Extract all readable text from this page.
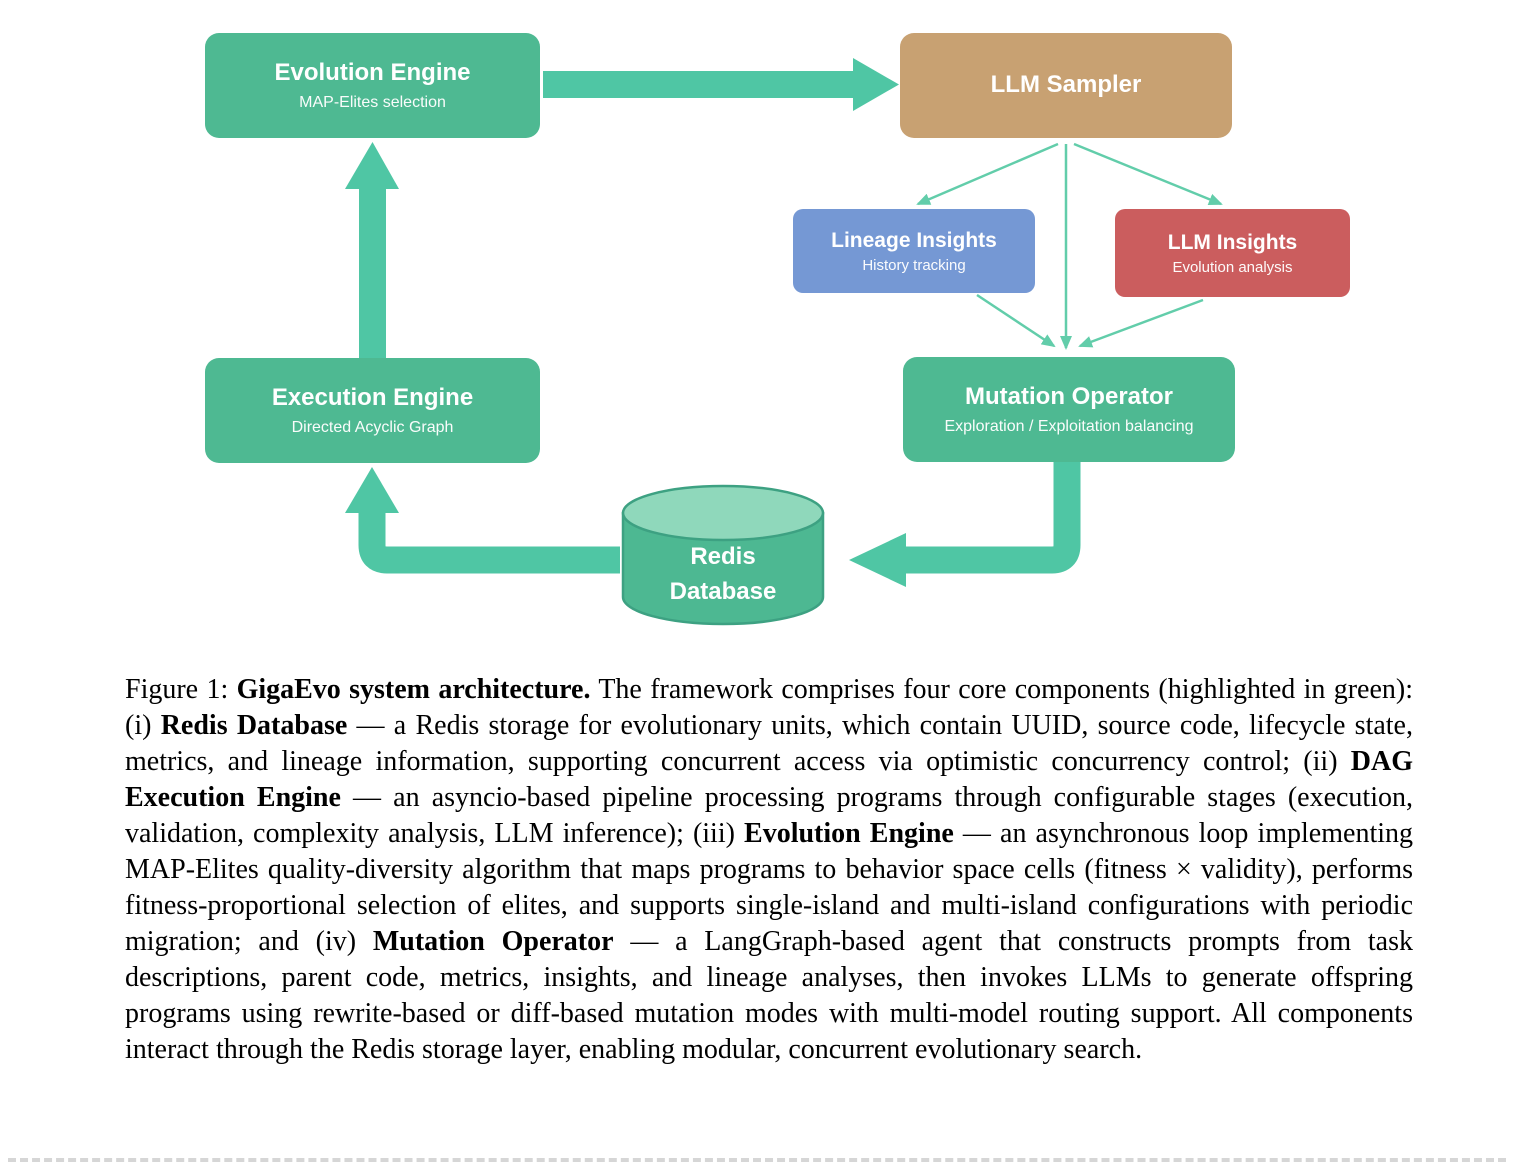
Redis
Database
Evolution Engine
MAP-Elites selection
LLM Sampler
Lineage Insights
History tracking
LLM Insights
Evolution analysis
Mutation Operator
Exploration / Exploitation balancing
Execution Engine
Directed Acyclic Graph
Figure 1: GigaEvo system architecture. The framework comprises four core components (highlighted in green): (i) Redis Database — a Redis storage for evolutionary units, which contain UUID, source code, lifecycle state, metrics, and lineage information, supporting concurrent access via optimistic concurrency control; (ii) DAG Execution Engine — an asyncio-based pipeline processing programs through configurable stages (execution, validation, complexity analysis, LLM inference); (iii) Evolution Engine — an asynchronous loop implementing MAP-Elites quality-diversity algorithm that maps programs to behavior space cells (fitness × validity), performs fitness-proportional selection of elites, and supports single-island and multi-island configurations with periodic migration; and (iv) Mutation Operator — a LangGraph-based agent that constructs prompts from task descriptions, parent code, metrics, insights, and lineage analyses, then invokes LLMs to generate offspring programs using rewrite-based or diff-based mutation modes with multi-model routing support. All components interact through the Redis storage layer, enabling modular, concurrent evolutionary search.
